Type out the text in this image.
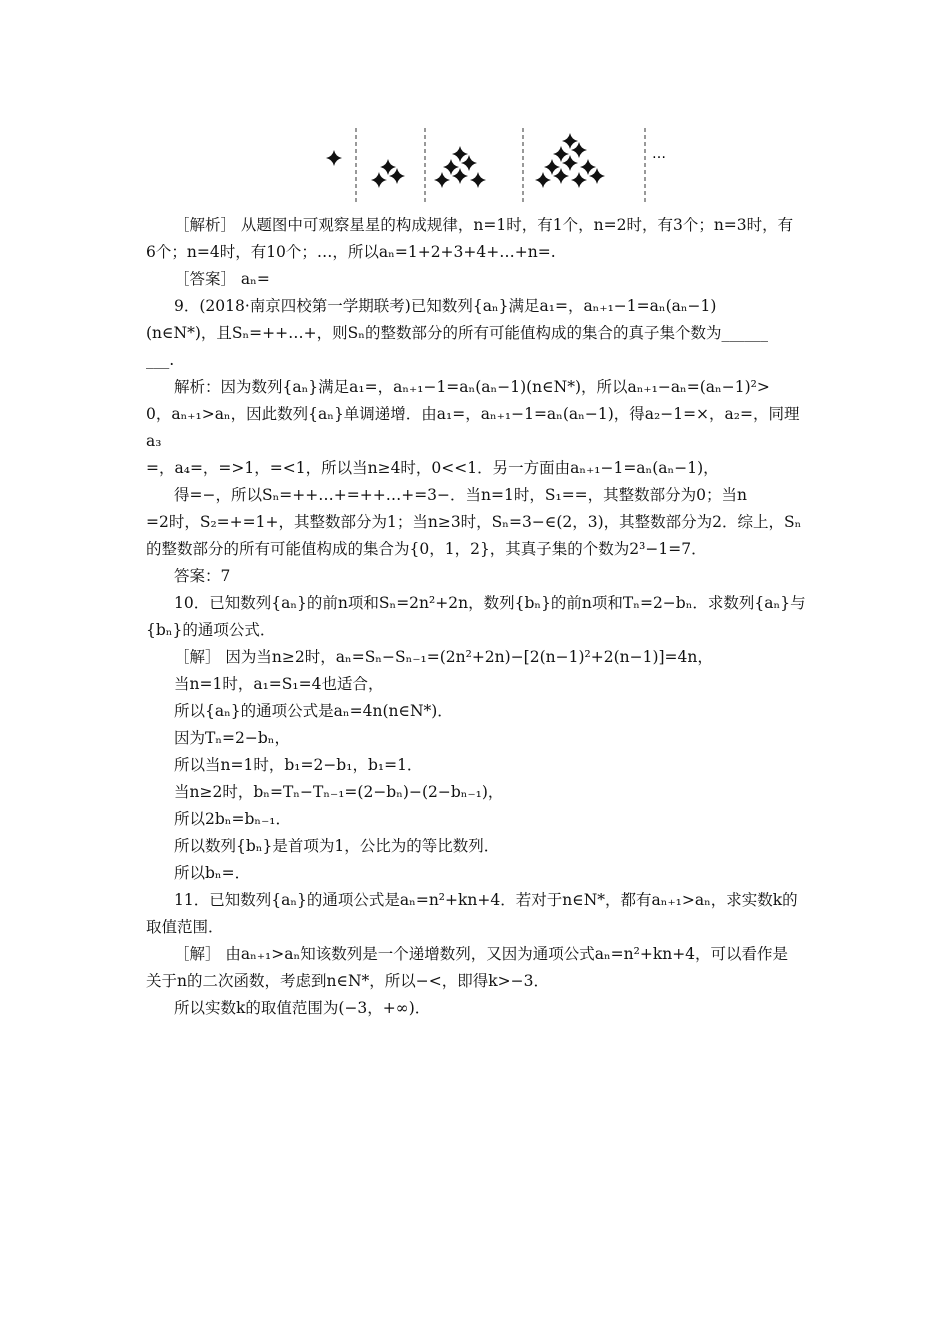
…

［解析］ 从题图中可观察星星的构成规律，n=1时，有1个，n=2时，有3个；n=3时，有

6个；n=4时，有10个；…，所以aₙ=1+2+3+4+…+n=.

［答案］ aₙ=

9．(2018·南京四校第一学期联考)已知数列{aₙ}满足a₁=，aₙ₊₁−1=aₙ(aₙ−1)

(n∈N*)，且Sₙ=++…+，则Sₙ的整数部分的所有可能值构成的集合的真子集个数为______

___.

解析：因为数列{aₙ}满足a₁=，aₙ₊₁−1=aₙ(aₙ−1)(n∈N*)，所以aₙ₊₁−aₙ=(aₙ−1)²>

0，aₙ₊₁>aₙ，因此数列{aₙ}单调递增．由a₁=，aₙ₊₁−1=aₙ(aₙ−1)，得a₂−1=×，a₂=，同理a₃

=，a₄=，=>1，=<1，所以当n≥4时，0<<1．另一方面由aₙ₊₁−1=aₙ(aₙ−1)，

得=−，所以Sₙ=++…+=++…+=3−．当n=1时，S₁==，其整数部分为0；当n

=2时，S₂=+=1+，其整数部分为1；当n≥3时，Sₙ=3−∈(2，3)，其整数部分为2．综上，Sₙ

的整数部分的所有可能值构成的集合为{0，1，2}，其真子集的个数为2³−1=7．

答案：7

10．已知数列{aₙ}的前n项和Sₙ=2n²+2n，数列{bₙ}的前n项和Tₙ=2−bₙ．求数列{aₙ}与

{bₙ}的通项公式．

［解］ 因为当n≥2时，aₙ=Sₙ−Sₙ₋₁=(2n²+2n)−[2(n−1)²+2(n−1)]=4n，

当n=1时，a₁=S₁=4也适合，

所以{aₙ}的通项公式是aₙ=4n(n∈N*)．

因为Tₙ=2−bₙ，

所以当n=1时，b₁=2−b₁，b₁=1．

当n≥2时，bₙ=Tₙ−Tₙ₋₁=(2−bₙ)−(2−bₙ₋₁)，

所以2bₙ=bₙ₋₁．

所以数列{bₙ}是首项为1，公比为的等比数列．

所以bₙ=．

11．已知数列{aₙ}的通项公式是aₙ=n²+kn+4．若对于n∈N*，都有aₙ₊₁>aₙ，求实数k的

取值范围．

［解］ 由aₙ₊₁>aₙ知该数列是一个递增数列，又因为通项公式aₙ=n²+kn+4，可以看作是

关于n的二次函数，考虑到n∈N*，所以−<，即得k>−3．

所以实数k的取值范围为(−3，+∞)．
